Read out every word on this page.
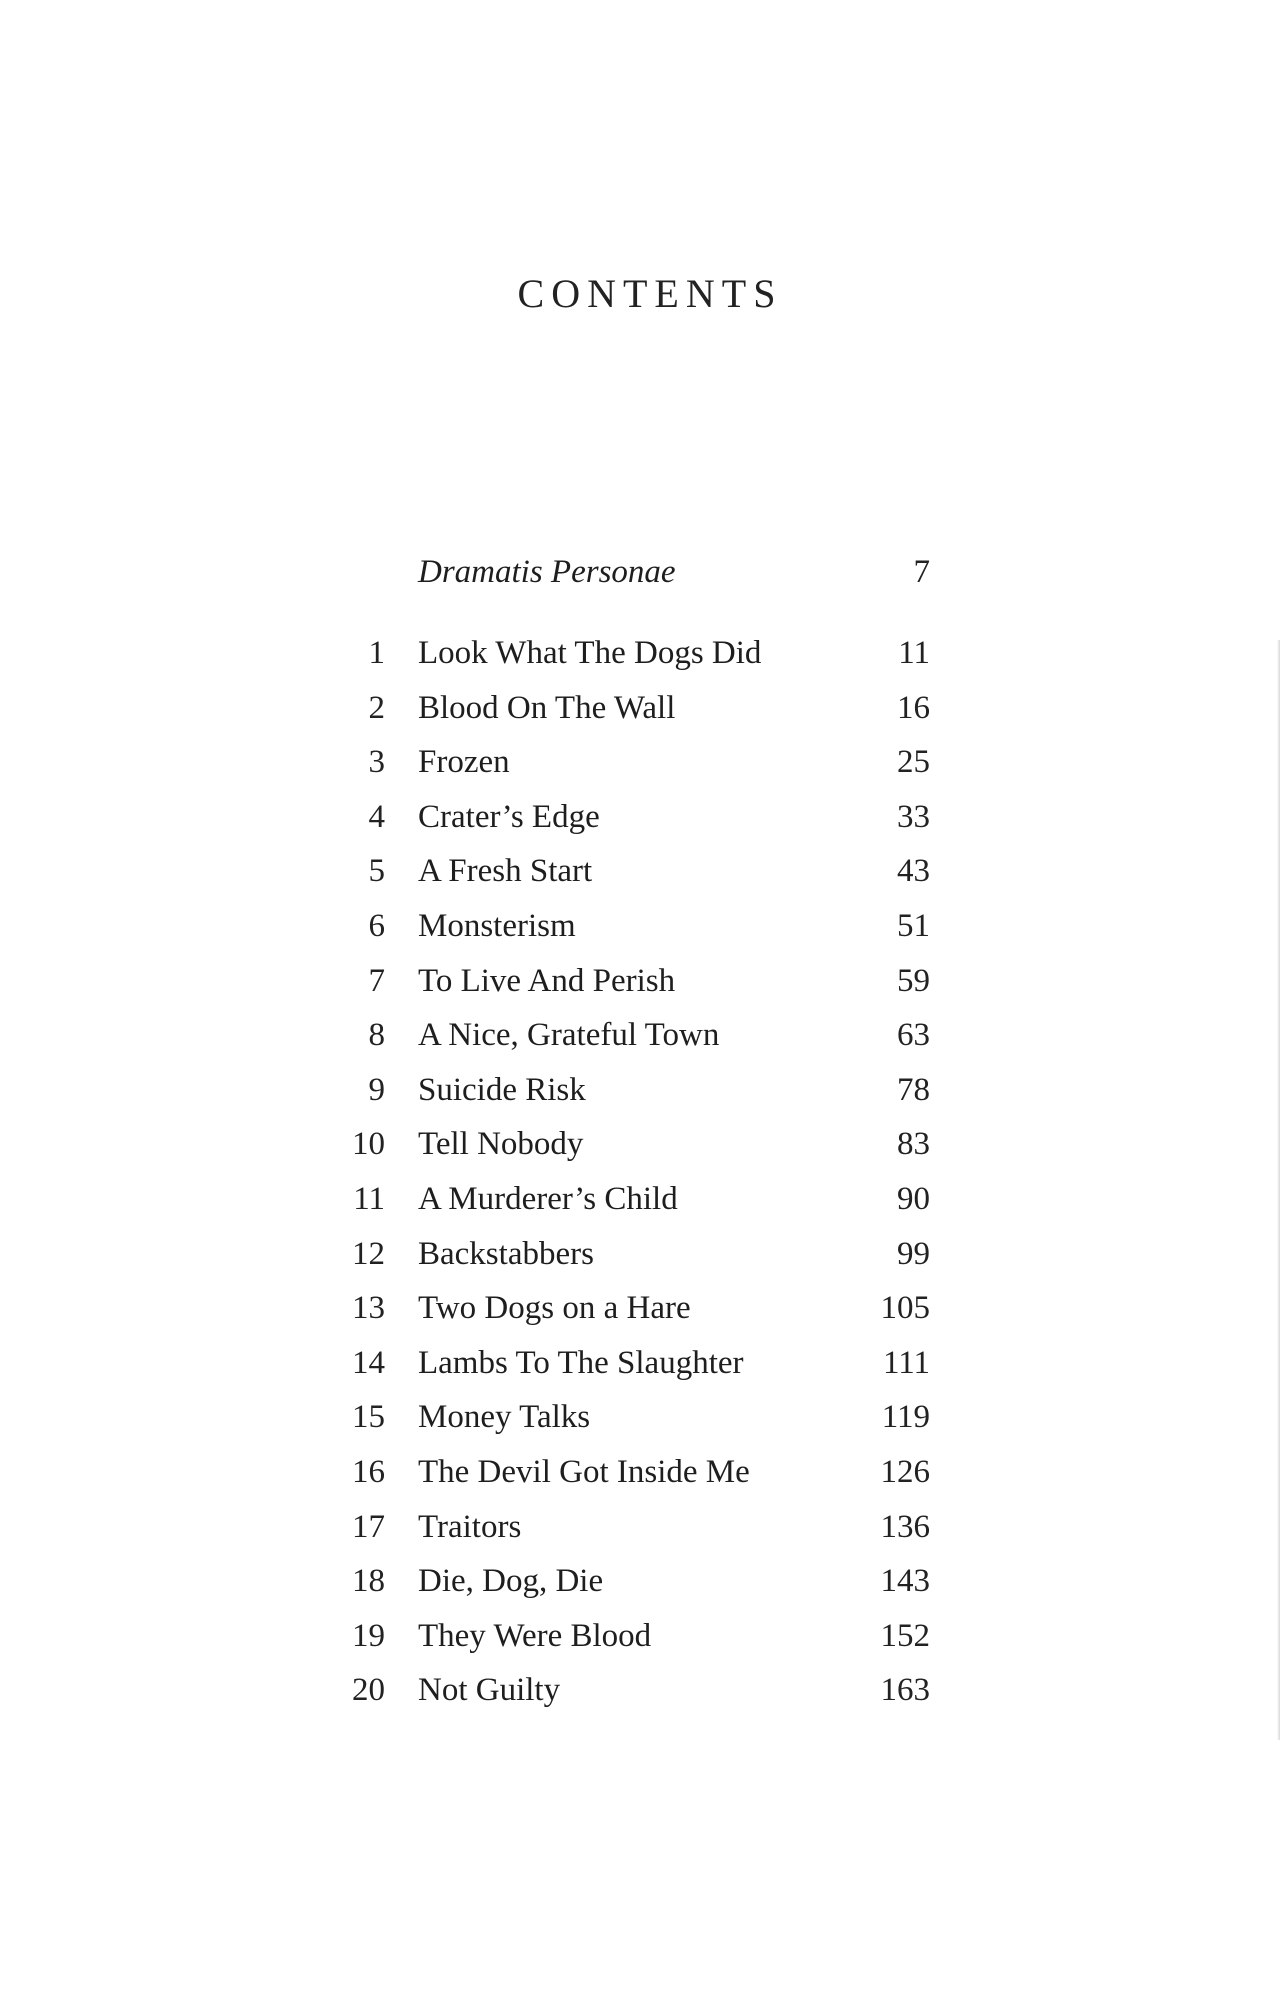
CONTENTS
Dramatis Personae	7
1 Look What The Dogs Did	11
2 Blood On The Wall	16
3 Frozen	25
4 Crater’s Edge	33
5 A Fresh Start	43
6 Monsterism	51
7 To Live And Perish	59
8 A Nice, Grateful Town	63
9 Suicide Risk	78
10 Tell Nobody	83
11 A Murderer’s Child	90
12 Backstabbers	99
13 Two Dogs on a Hare	105
14 Lambs To The Slaughter	111
15 Money Talks	119
16 The Devil Got Inside Me	126
17 Traitors	136
18 Die, Dog, Die	143
19 They Were Blood	152
20 Not Guilty	163
